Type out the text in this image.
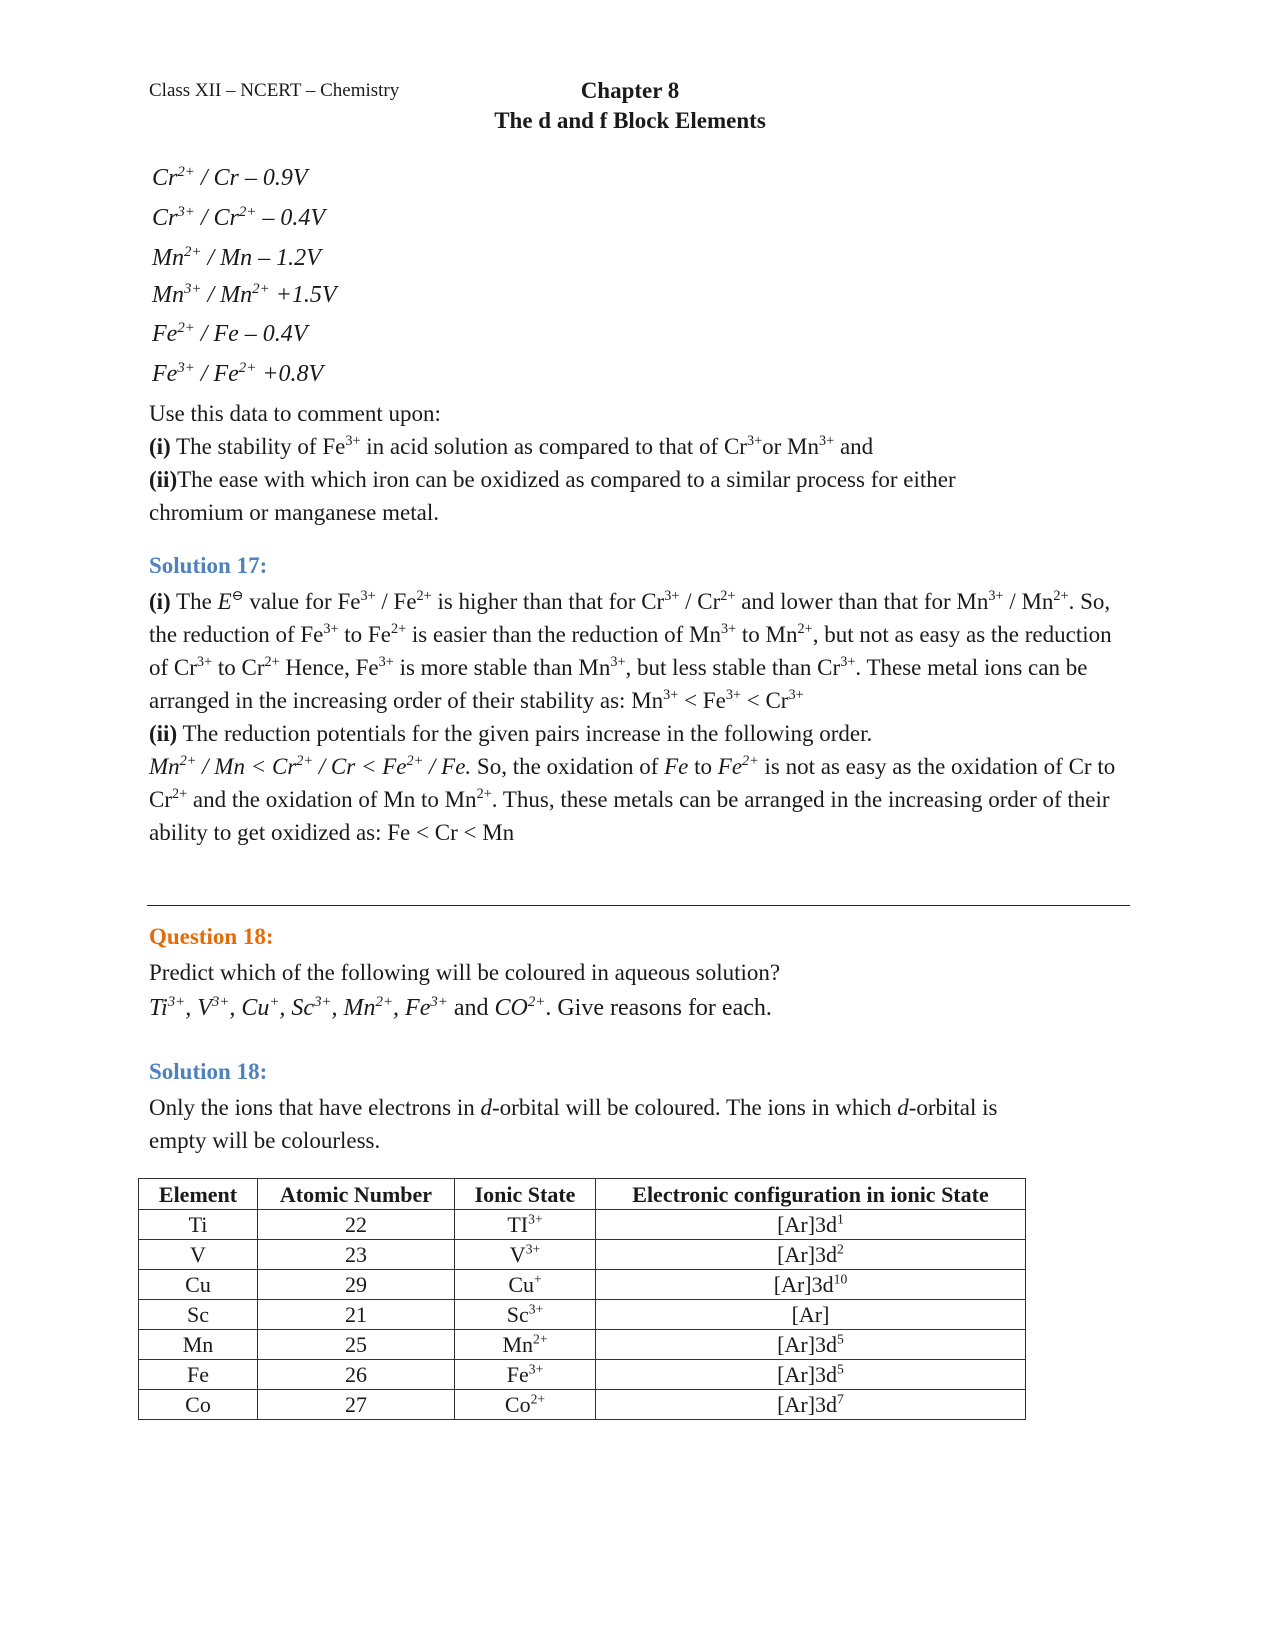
Class XII – NCERT – Chemistry	Chapter 8
The d and f Block Elements
$Cr^{2+}$ / Cr – 0.9V
$Cr^{3+} / Cr^{2+} - 0.4V$
$Mn^{2+}$ / Mn – 1.2V
$Mn^{3+} / Mn^{2+} +1.5V$
$Fe^{2+}$ / Fe – 0.4V
$Fe^{3+} / Fe^{2+} +0.8V$

Use this data to comment upon:

(i) The stability of $Fe^{3+}$ in acid solution as compared to that of $Cr^{3+}or$ $Mn^{3+}$ and

(ii)The ease with which iron can be oxidized as compared to a similar process for either chromium or manganese metal.

Solution 17:

(i) The E⊖ value for $Fe^{3+} / Fe^{2+}$ is higher than that for $Cr^{3+} / Cr^{2+}$ and lower than that for $Mn^{3+} / Mn^{2+}$. So, the reduction of $Fe^{3+}$ to $Fe^{2+}$ is easier than the reduction of $Mn^{3+}$ to $Mn^{2+}$, but not as easy as the reduction of $Cr^{3+}$ to $Cr^{2+}$ Hence, $Fe^{3+}$ is more stable than $Mn^{3+}$, but less stable than $Cr^{3+}$. These metal ions can be arranged in the increasing order of their stability as: $Mn^{3+} < Fe^{3+} < Cr^{3+}$

(ii) The reduction potentials for the given pairs increase in the following order.

$Mn^{2+} / Mn < Cr^{2+} / Cr < Fe^{2+} / Fe$. So, the oxidation of Fe to $Fe^{2+}$ is not as easy as the oxidation of Cr to $Cr^{2+}$ and the oxidation of Mn to $Mn^{2+}$. Thus, these metals can be arranged in the increasing order of their ability to get oxidized as: Fe < Cr < Mn

Question 18:
Predict which of the following will be coloured in aqueous solution?
$Ti^{3+}$, $V^{3+}$, Cu+, $Sc^{3+}$, $Mn^{2+}$, $Fe^{3+}$ and $CO^{2+}$. Give reasons for each.
Solution 18:
Only the ions that have electrons in d-orbital will be coloured. The ions in which d-orbital is empty will be colourless.
Element	Atomic Number	Ionic State	Electronic configuration in ionic State
Ti	22	$TI^{3+}$	$[Ar]3d^1$
V	23	$V^{3+}$	$[Ar]3d^2$
Cu	29	Cu+	$[Ar]3d^{10}$
Sc	21	$Sc^{3+}$	[Ar]
Mn	25	$Mn^{2+}$	$[Ar]3d^5$
Fe	26	$Fe^{3+}$	$[Ar]3d^5$
Co	27	$Co^{2+}$	$[Ar]3d^7$
